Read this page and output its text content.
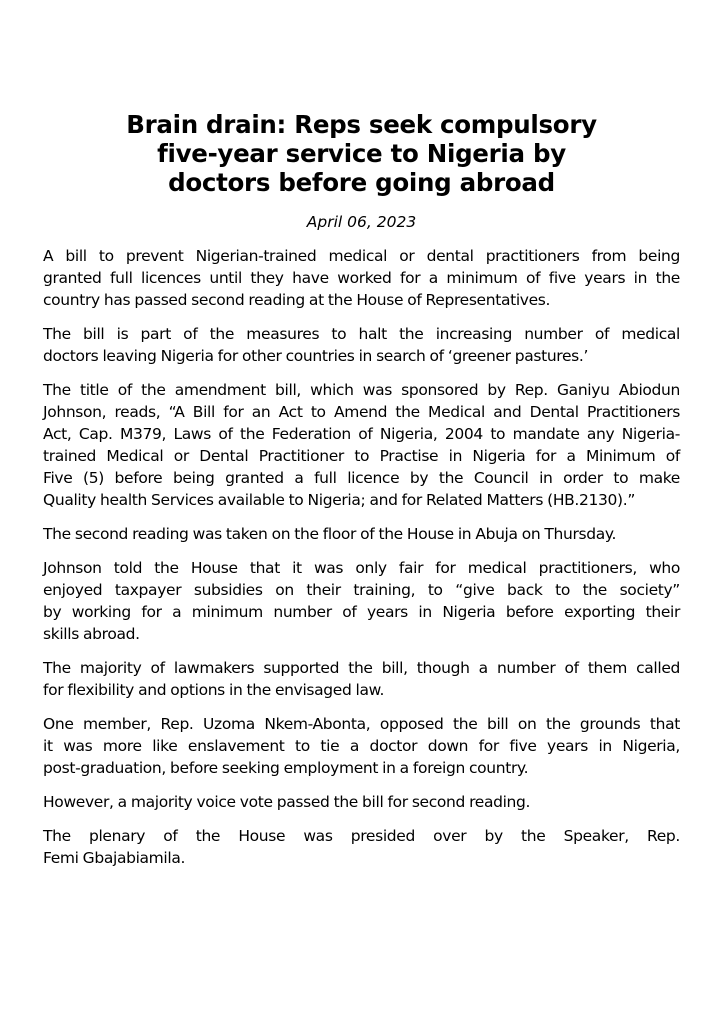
Brain drain: Reps seek compulsory
five-year service to Nigeria by
doctors before going abroad
April 06, 2023

A bill to prevent Nigerian-trained medical or dental practitioners from being
granted full licences until they have worked for a minimum of five years in the
country has passed second reading at the House of Representatives.

The bill is part of the measures to halt the increasing number of medical
doctors leaving Nigeria for other countries in search of ‘greener pastures.’

The title of the amendment bill, which was sponsored by Rep. Ganiyu Abiodun
Johnson, reads, “A Bill for an Act to Amend the Medical and Dental Practitioners
Act, Cap. M379, Laws of the Federation of Nigeria, 2004 to mandate any Nigeria-
trained Medical or Dental Practitioner to Practise in Nigeria for a Minimum of
Five (5) before being granted a full licence by the Council in order to make
Quality health Services available to Nigeria; and for Related Matters (HB.2130).”

The second reading was taken on the floor of the House in Abuja on Thursday.

Johnson told the House that it was only fair for medical practitioners, who
enjoyed taxpayer subsidies on their training, to “give back to the society”
by working for a minimum number of years in Nigeria before exporting their
skills abroad.

The majority of lawmakers supported the bill, though a number of them called
for flexibility and options in the envisaged law.

One member, Rep. Uzoma Nkem-Abonta, opposed the bill on the grounds that
it was more like enslavement to tie a doctor down for five years in Nigeria,
post-graduation, before seeking employment in a foreign country.

However, a majority voice vote passed the bill for second reading.

The plenary of the House was presided over by the Speaker, Rep.
Femi Gbajabiamila.
